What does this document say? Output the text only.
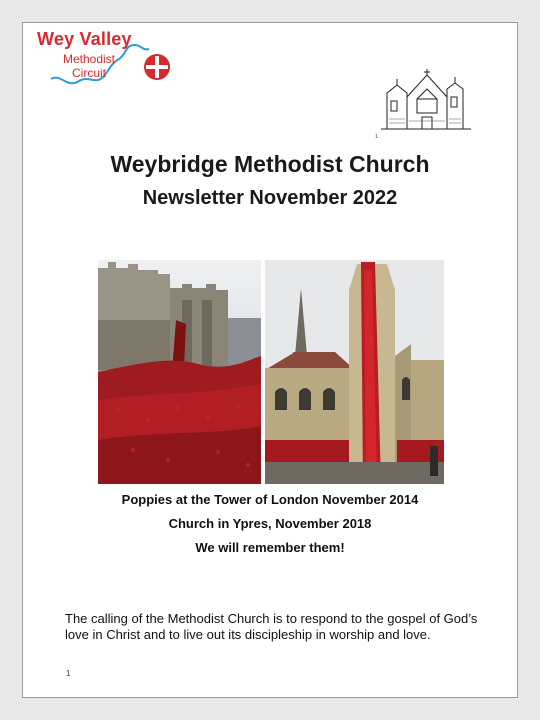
Wey Valley
Methodist
Circuit
1
Weybridge Methodist Church
Newsletter November 2022
Poppies at the Tower of London November 2014
Church in Ypres, November 2018
We will remember them!
The calling of the Methodist Church is to respond to the gospel of God’s love in Christ and to live out its discipleship in worship and love.
1
